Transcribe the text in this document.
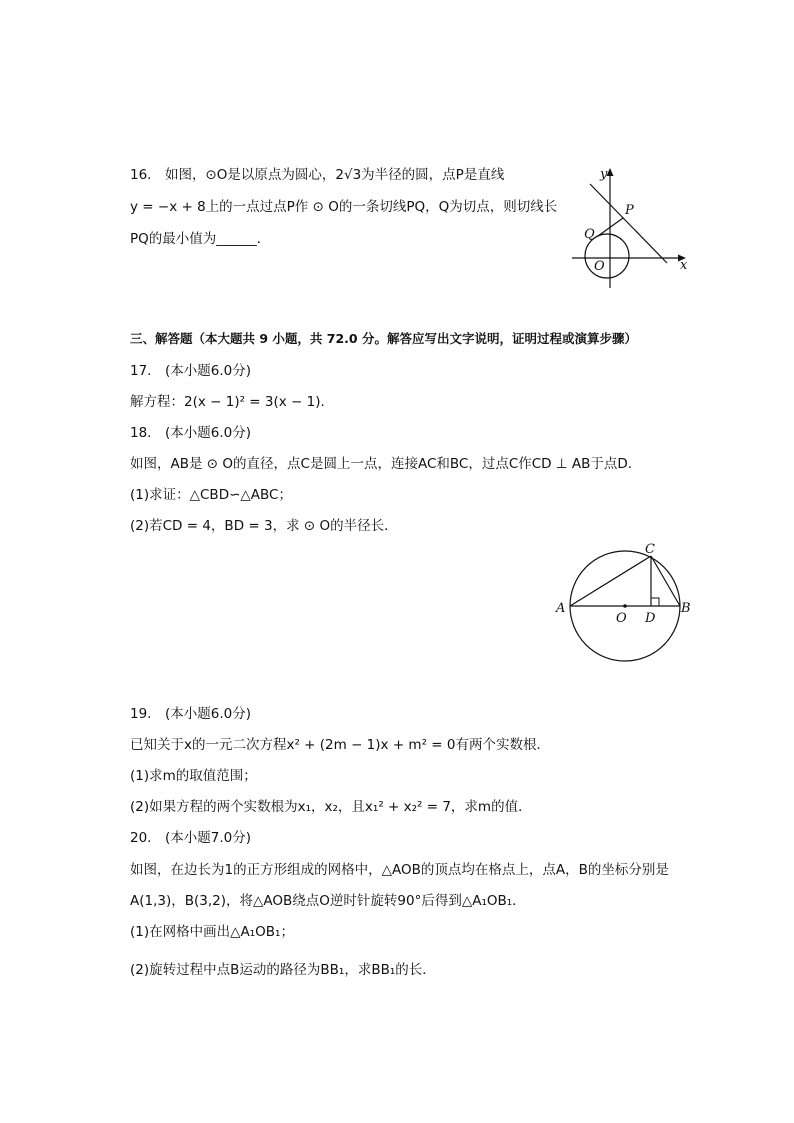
16.　如图，⊙O是以原点为圆心，2√3为半径的圆，点P是直线
y = −x + 8上的一点过点P作 ⊙ O的一条切线PQ，Q为切点，则切线长
PQ的最小值为______．
y
x
P
Q
O
三、解答题（本大题共 9 小题，共 72.0 分。解答应写出文字说明，证明过程或演算步骤）
17.　(本小题6.0分)
解方程：2(x − 1)² = 3(x − 1)．
18.　(本小题6.0分)
如图，AB是 ⊙ O的直径，点C是圆上一点，连接AC和BC，过点C作CD ⊥ AB于点D．
(1)求证：△CBD∽△ABC；
(2)若CD = 4，BD = 3，求 ⊙ O的半径长．
A	B
C
D
O
19.　(本小题6.0分)
已知关于x的一元二次方程x² + (2m − 1)x + m² = 0有两个实数根．
(1)求m的取值范围；
(2)如果方程的两个实数根为x₁，x₂，且x₁² + x₂² = 7，求m的值．
20.　(本小题7.0分)
如图，在边长为1的正方形组成的网格中，△AOB的顶点均在格点上，点A，B的坐标分别是
A(1,3)，B(3,2)，将△AOB绕点O逆时针旋转90°后得到△A₁OB₁．
(1)在网格中画出△A₁OB₁；
(2)旋转过程中点B运动的路径为BB₁，求BB₁的长．
